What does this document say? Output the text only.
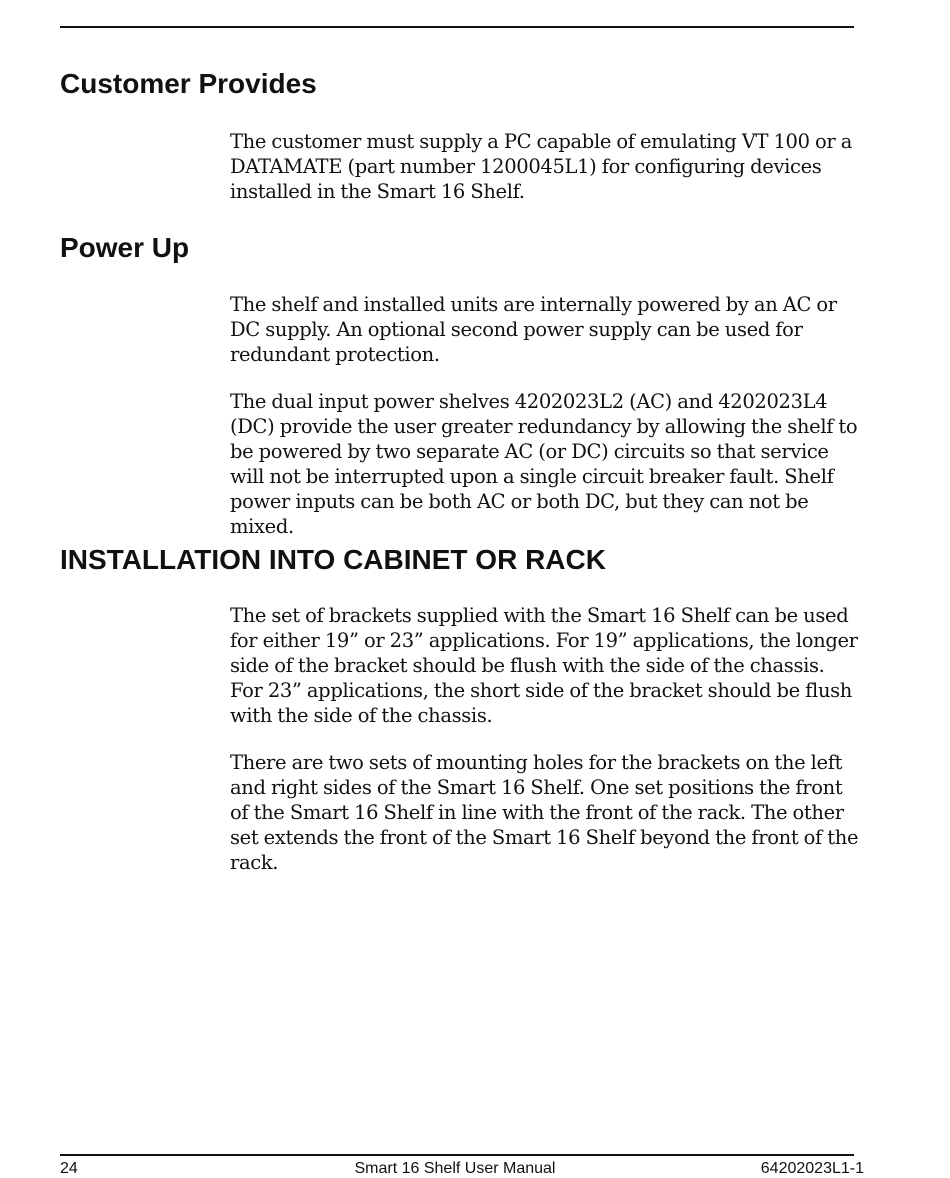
Customer Provides

The customer must supply a PC capable of emulating VT 100 or a DATAMATE (part number 1200045L1) for configuring devices installed in the Smart 16 Shelf.

Power Up

The shelf and installed units are internally powered by an AC or DC supply. An optional second power supply can be used for redundant protection.

The dual input power shelves 4202023L2 (AC) and 4202023L4 (DC) provide the user greater redundancy by allowing the shelf to be powered by two separate AC (or DC) circuits so that service will not be interrupted upon a single circuit breaker fault. Shelf power inputs can be both AC or both DC, but they can not be mixed.

INSTALLATION INTO CABINET OR RACK

The set of brackets supplied with the Smart 16 Shelf can be used for either 19” or 23” applications. For 19” applications, the longer side of the bracket should be flush with the side of the chassis. For 23” applications, the short side of the bracket should be flush with the side of the chassis.

There are two sets of mounting holes for the brackets on the left and right sides of the Smart 16 Shelf. One set positions the front of the Smart 16 Shelf in line with the front of the rack. The other set extends the front of the Smart 16 Shelf beyond the front of the rack.

24	Smart 16 Shelf User Manual	64202023L1-1
